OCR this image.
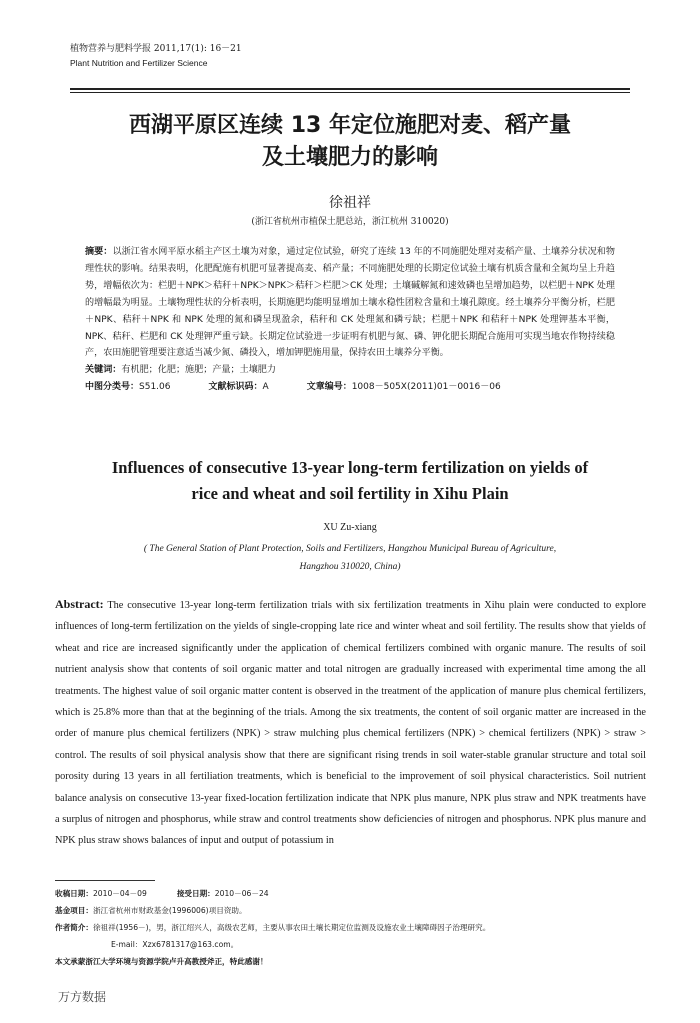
植物营养与肥料学报 2011,17(1): 16－21
Plant Nutrition and Fertilizer Science
西湖平原区连续 13 年定位施肥对麦、稻产量
及土壤肥力的影响
徐祖祥
(浙江省杭州市植保土肥总站，浙江杭州 310020)
摘要：以浙江省水网平原水稻主产区土壤为对象，通过定位试验，研究了连续 13 年的不同施肥处理对麦稻产量、土壤养分状况和物理性状的影响。结果表明，化肥配施有机肥可显著提高麦、稻产量；不同施肥处理的长期定位试验土壤有机质含量和全氮均呈上升趋势，增幅依次为：栏肥＋NPK＞秸秆＋NPK＞NPK＞秸秆＞栏肥＞CK 处理；土壤碱解氮和速效磷也呈增加趋势，以栏肥＋NPK 处理的增幅最为明显。土壤物理性状的分析表明，长期施肥均能明显增加土壤水稳性团粒含量和土壤孔隙度。经土壤养分平衡分析，栏肥＋NPK、秸秆＋NPK 和 NPK 处理的氮和磷呈现盈余，秸秆和 CK 处理氮和磷亏缺；栏肥＋NPK 和秸秆＋NPK 处理钾基本平衡，NPK、秸秆、栏肥和 CK 处理钾严重亏缺。长期定位试验进一步证明有机肥与氮、磷、钾化肥长期配合施用可实现当地农作物持续稳产，农田施肥管理要注意适当减少氮、磷投入，增加钾肥施用量，保持农田土壤养分平衡。
关键词：有机肥；化肥；施肥；产量；土壤肥力
中图分类号：S51.06	文献标识码：A	文章编号：1008－505X(2011)01－0016－06
Influences of consecutive 13-year long-term fertilization on yields of
rice and wheat and soil fertility in Xihu Plain
XU Zu-xiang
( The General Station of Plant Protection, Soils and Fertilizers, Hangzhou Municipal Bureau of Agriculture,
Hangzhou 310020, China)
Abstract: The consecutive 13-year long-term fertilization trials with six fertilization treatments in Xihu plain were conducted to explore influences of long-term fertilization on the yields of single-cropping late rice and winter wheat and soil fertility. The results show that yields of wheat and rice are increased significantly under the application of chemical fertilizers combined with organic manure. The results of soil nutrient analysis show that contents of soil organic matter and total nitrogen are gradually increased with experimental time among the all treatments. The highest value of soil organic matter content is observed in the treatment of the application of manure plus chemical fertilizers, which is 25.8% more than that at the beginning of the trials. Among the six treatments, the content of soil organic matter are increased in the order of manure plus chemical fertilizers (NPK) > straw mulching plus chemical fertilizers (NPK) > chemical fertilizers (NPK) > straw > control. The results of soil physical analysis show that there are significant rising trends in soil water-stable granular structure and total soil porosity during 13 years in all fertiliation treatments, which is beneficial to the improvement of soil physical characteristics. Soil nutrient balance analysis on consecutive 13-year fixed-location fertilization indicate that NPK plus manure, NPK plus straw and NPK treatments have a surplus of nitrogen and phosphorus, while straw and control treatments show deficiencies of nitrogen and phosphorus. NPK plus manure and NPK plus straw shows balances of input and output of potassium in
收稿日期：2010－04－09	接受日期：2010－06－24
基金项目：浙江省杭州市财政基金(1996006)项目资助。
作者简介：徐祖祥(1956－)，男，浙江绍兴人，高级农艺师，主要从事农田土壤长期定位监测及设施农业土壤障碍因子治理研究。
E-mail：Xzx6781317@163.com。
本文承蒙浙江大学环境与资源学院卢升高教授斧正，特此感谢！
万方数据
